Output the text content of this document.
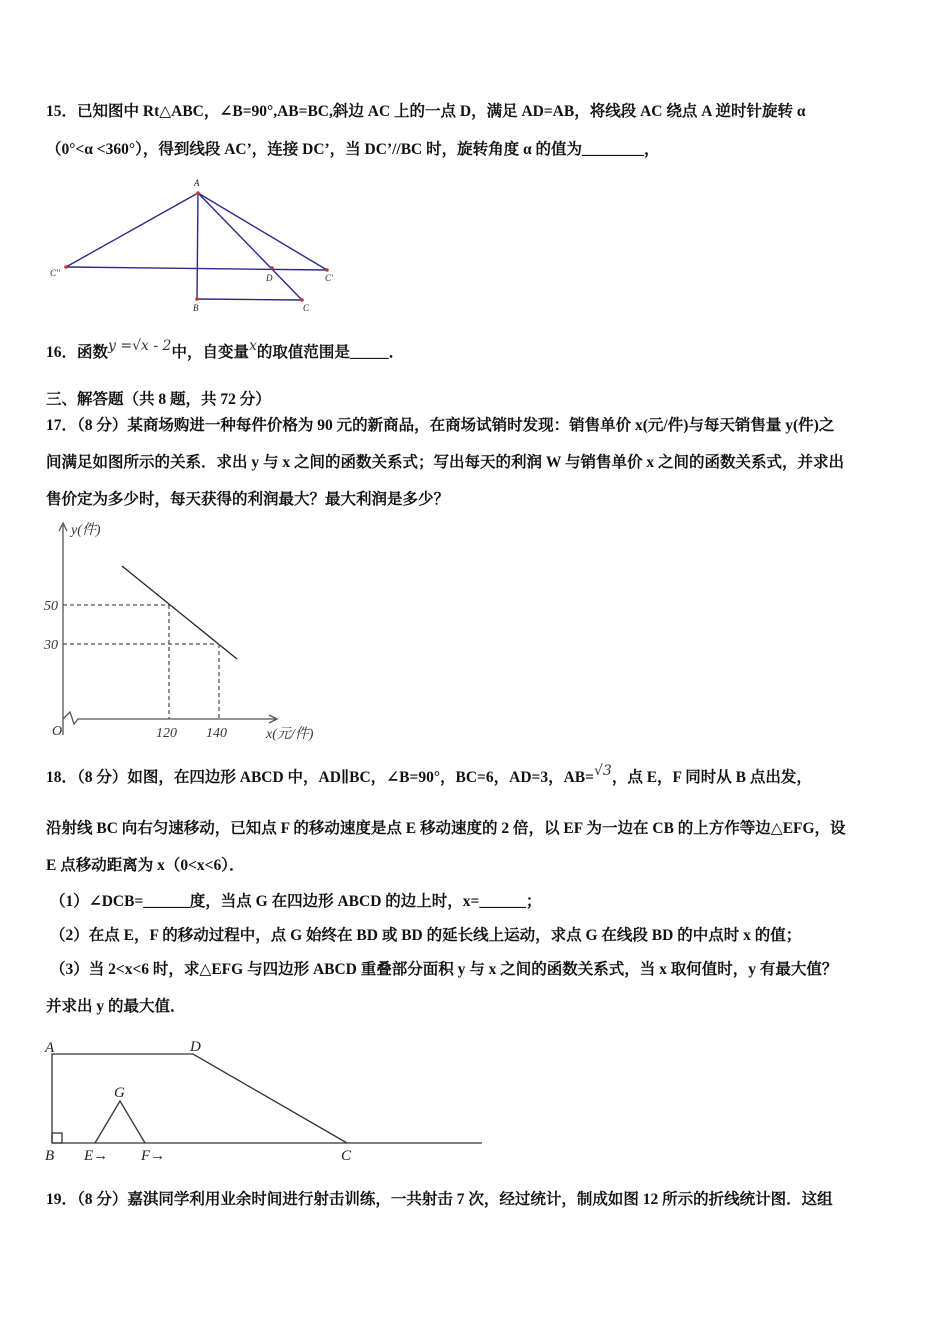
15．已知图中 Rt△ABC，∠B=90°,AB=BC,斜边 AC 上的一点 D，满足 AD=AB，将线段 AC 绕点 A 逆时针旋转 α
（0°<α <360°），得到线段 AC’，连接 DC’，当 DC’//BC 时，旋转角度 α 的值为________，
A
C''	D	C'
B	C
y(件)
x(元/件)
O
50
30
120 140
A	D
G
B E→ F→	C
16．函数y =√x - 2中，自变量x的取值范围是_____．
三、解答题（共 8 题，共 72 分）
17．（8 分）某商场购进一种每件价格为 90 元的新商品，在商场试销时发现：销售单价 x(元/件)与每天销售量 y(件)之
间满足如图所示的关系．求出 y 与 x 之间的函数关系式；写出每天的利润 W 与销售单价 x 之间的函数关系式，并求出
售价定为多少时，每天获得的利润最大？最大利润是多少？
18．（8 分）如图，在四边形 ABCD 中，AD∥BC，∠B=90°，BC=6，AD=3，AB=√3，点 E，F 同时从 B 点出发，
沿射线 BC 向右匀速移动，已知点 F 的移动速度是点 E 移动速度的 2 倍，以 EF 为一边在 CB 的上方作等边△EFG，设
E 点移动距离为 x（0<x<6）．
（1）∠DCB=______度，当点 G 在四边形 ABCD 的边上时，x=______；
（2）在点 E，F 的移动过程中，点 G 始终在 BD 或 BD 的延长线上运动，求点 G 在线段 BD 的中点时 x 的值；
（3）当 2<x<6 时，求△EFG 与四边形 ABCD 重叠部分面积 y 与 x 之间的函数关系式，当 x 取何值时，y 有最大值？
并求出 y 的最大值．
19．（8 分）嘉淇同学利用业余时间进行射击训练，一共射击 7 次，经过统计，制成如图 12 所示的折线统计图．这组
